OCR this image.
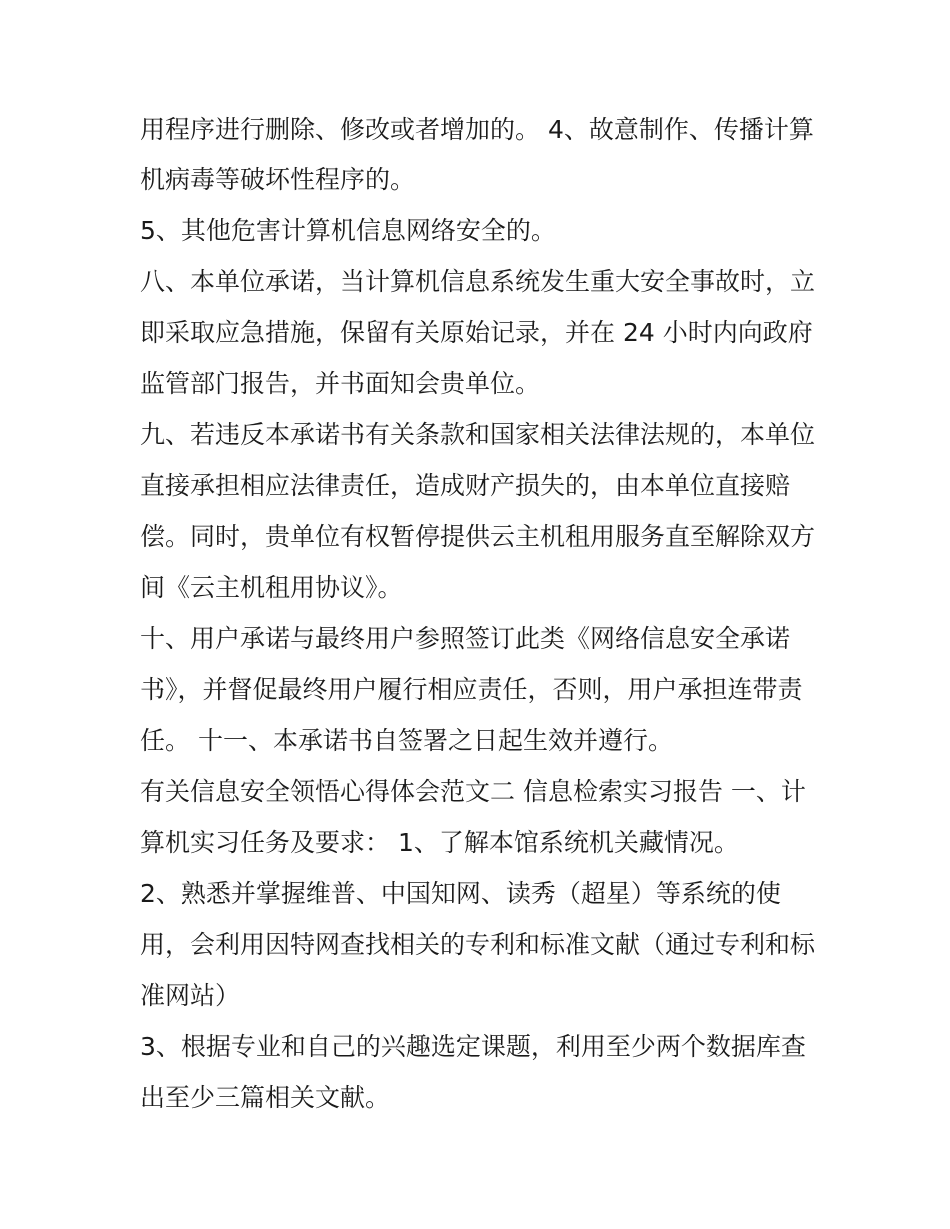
用程序进行删除、修改或者增加的。 4、故意制作、传播计算
机病毒等破坏性程序的。
5、其他危害计算机信息网络安全的。
八、本单位承诺，当计算机信息系统发生重大安全事故时，立
即采取应急措施，保留有关原始记录，并在 24 小时内向政府
监管部门报告，并书面知会贵单位。
九、若违反本承诺书有关条款和国家相关法律法规的，本单位
直接承担相应法律责任，造成财产损失的，由本单位直接赔
偿。同时，贵单位有权暂停提供云主机租用服务直至解除双方
间《云主机租用协议》。
十、用户承诺与最终用户参照签订此类《网络信息安全承诺
书》，并督促最终用户履行相应责任，否则，用户承担连带责
任。 十一、本承诺书自签署之日起生效并遵行。
有关信息安全领悟心得体会范文二 信息检索实习报告 一、计
算机实习任务及要求： 1、了解本馆系统机关藏情况。
2、熟悉并掌握维普、中国知网、读秀（超星）等系统的使
用，会利用因特网查找相关的专利和标准文献（通过专利和标
准网站）
3、根据专业和自己的兴趣选定课题，利用至少两个数据库查
出至少三篇相关文献。
